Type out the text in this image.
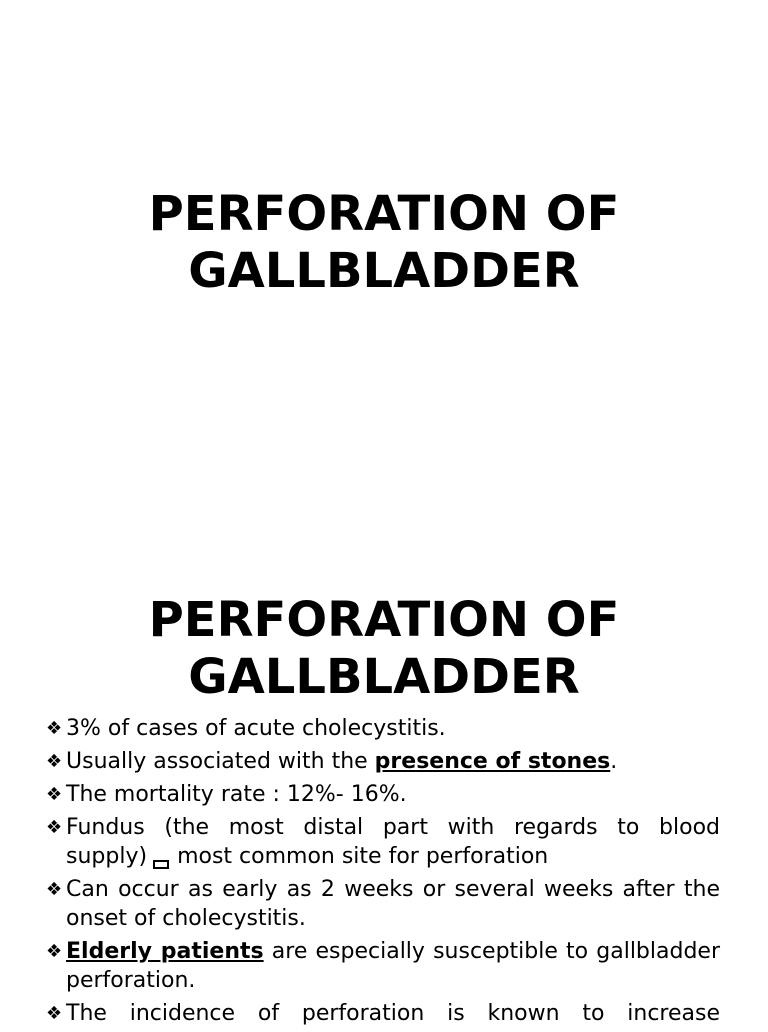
PERFORATION OF
GALLBLADDER
PERFORATION OF
GALLBLADDER
❖ 3% of cases of acute cholecystitis.
❖ Usually associated with the presence of stones.
❖ The mortality rate : 12%- 16%.
❖ Fundus (the most distal part with regards to blood
supply) most common site for perforation
❖ Can occur as early as 2 weeks or several weeks after the onset of cholecystitis.
❖ Elderly patients are especially susceptible to gallbladder perforation.
❖ The incidence of perforation is known to increase
